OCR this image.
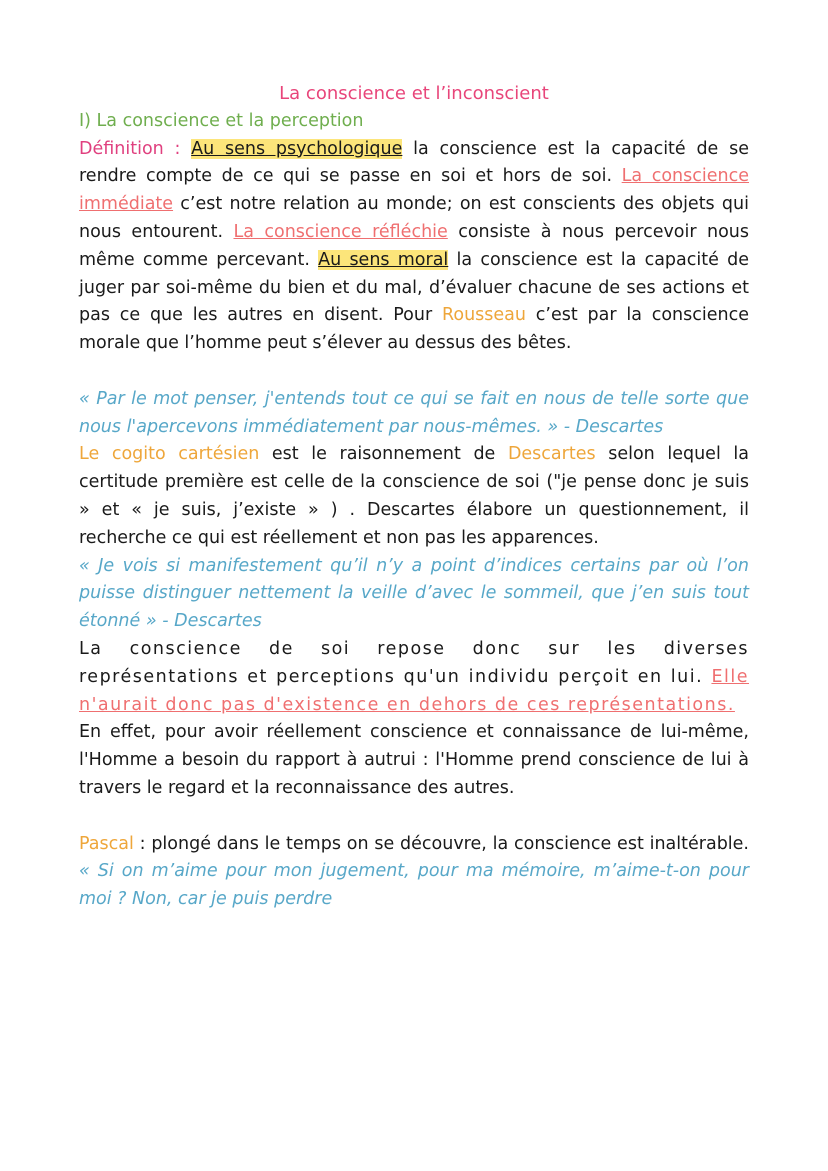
La conscience et l’inconscient
I) La conscience et la perception

Définition : Au sens psychologique la conscience est la capacité de se rendre compte de ce qui se passe en soi et hors de soi. La conscience immédiate c’est notre relation au monde; on est conscients des objets qui nous entourent. La conscience réfléchie consiste à nous percevoir nous même comme percevant. Au sens moral la conscience est la capacité de juger par soi-même du bien et du mal, d’évaluer chacune de ses actions et pas ce que les autres en disent. Pour Rousseau c’est par la conscience morale que l’homme peut s’élever au dessus des bêtes.

« Par le mot penser, j'entends tout ce qui se fait en nous de telle sorte que nous l'apercevons immédiatement par nous-mêmes. » - Descartes

Le cogito cartésien est le raisonnement de Descartes selon lequel la certitude première est celle de la conscience de soi ("je pense donc je suis » et « je suis, j’existe » ) . Descartes élabore un questionnement, il recherche ce qui est réellement et non pas les apparences.

« Je vois si manifestement qu’il n’y a point d’indices certains par où l’on puisse distinguer nettement la veille d’avec le sommeil, que j’en suis tout étonné » - Descartes

La conscience de soi repose donc sur les diverses représentations et perceptions qu'un individu perçoit en lui. Elle n'aurait donc pas d'existence en dehors de ces représentations.

En effet, pour avoir réellement conscience et connaissance de lui-même, l'Homme a besoin du rapport à autrui : l'Homme prend conscience de lui à travers le regard et la reconnaissance des autres.

Pascal : plongé dans le temps on se découvre, la conscience est inaltérable. « Si on m’aime pour mon jugement, pour ma mémoire, m’aime-t-on pour moi ? Non, car je puis perdre
